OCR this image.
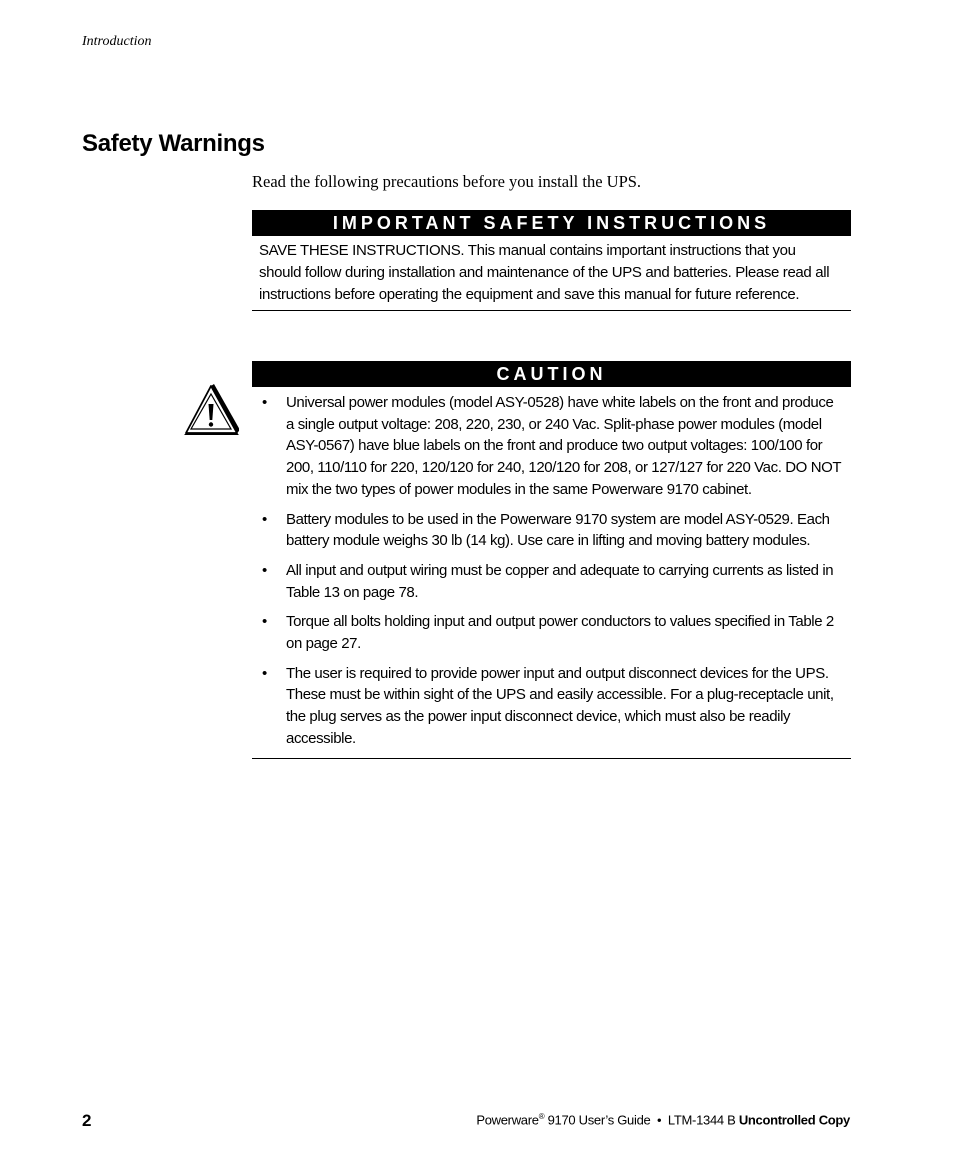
Introduction
Safety Warnings

Read the following precautions before you install the UPS.

IMPORTANT SAFETY INSTRUCTIONS
SAVE THESE INSTRUCTIONS. This manual contains important instructions that you should follow during installation and maintenance of the UPS and batteries. Please read all instructions before operating the equipment and save this manual for future reference.
CAUTION
• Universal power modules (model ASY-0528) have white labels on the front and produce a single output voltage: 208, 220, 230, or 240 Vac. Split-phase power modules (model ASY-0567) have blue labels on the front and produce two output voltages: 100/100 for 200, 110/110 for 220, 120/120 for 240, 120/120 for 208, or 127/127 for 220 Vac. DO NOT mix the two types of power modules in the same Powerware 9170 cabinet.
• Battery modules to be used in the Powerware 9170 system are model ASY-0529. Each battery module weighs 30 lb (14 kg). Use care in lifting and moving battery modules.
• All input and output wiring must be copper and adequate to carrying currents as listed in Table 13 on page 78.
• Torque all bolts holding input and output power conductors to values specified in Table 2 on page 27.
• The user is required to provide power input and output disconnect devices for the UPS. These must be within sight of the UPS and easily accessible. For a plug-receptacle unit, the plug serves as the power input disconnect device, which must also be readily accessible.
2	Powerware® 9170 User’s Guide  •  LTM-1344 B Uncontrolled Copy
